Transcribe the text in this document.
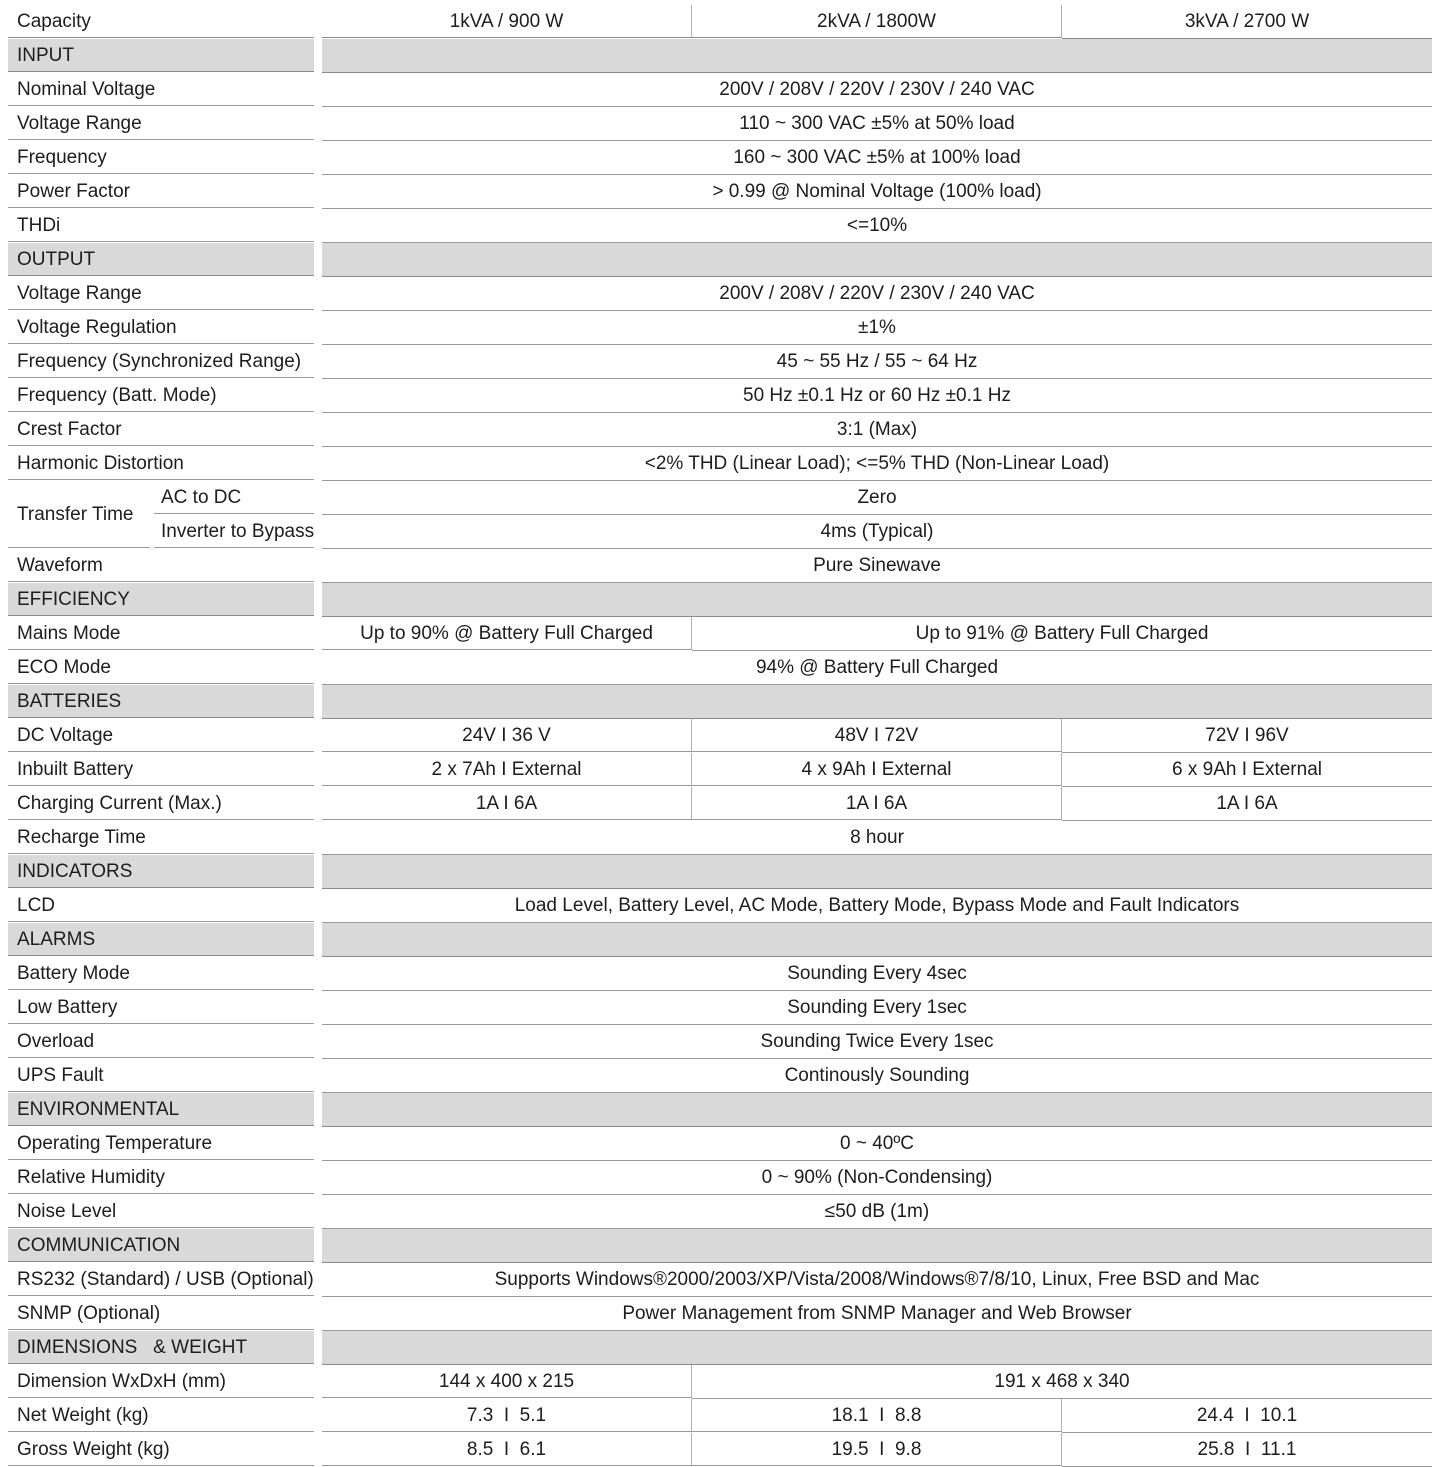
Capacity	1kVA / 900 W	2kVA / 1800W	3kVA / 2700 W
INPUT
Nominal Voltage	200V / 208V / 220V / 230V / 240 VAC
Voltage Range	110 ~ 300 VAC ±5% at 50% load
Frequency	160 ~ 300 VAC ±5% at 100% load
Power Factor	> 0.99 @ Nominal Voltage (100% load)
THDi	<=10%
OUTPUT
Voltage Range	200V / 208V / 220V / 230V / 240 VAC
Voltage Regulation	±1%
Frequency (Synchronized Range)	45 ~ 55 Hz / 55 ~ 64 Hz
Frequency (Batt. Mode)	50 Hz ±0.1 Hz or 60 Hz ±0.1 Hz
Crest Factor	3:1 (Max)
Harmonic Distortion	<2% THD (Linear Load); <=5% THD (Non-Linear Load)
Transfer Time
AC to DC	Zero
Inverter to Bypass	4ms (Typical)
Waveform	Pure Sinewave
EFFICIENCY
Mains Mode	Up to 90% @ Battery Full Charged	Up to 91% @ Battery Full Charged
ECO Mode	94% @ Battery Full Charged
BATTERIES
DC Voltage	24V I 36 V	48V I 72V	72V I 96V
Inbuilt Battery	2 x 7Ah I External	4 x 9Ah I External	6 x 9Ah I External
Charging Current (Max.)	1A I 6A	1A I 6A	1A I 6A
Recharge Time	8 hour
INDICATORS
LCD	Load Level, Battery Level, AC Mode, Battery Mode, Bypass Mode and Fault Indicators
ALARMS
Battery Mode	Sounding Every 4sec
Low Battery	Sounding Every 1sec
Overload	Sounding Twice Every 1sec
UPS Fault	Continously Sounding
ENVIRONMENTAL
Operating Temperature	0 ~ 40ºC
Relative Humidity	0 ~ 90% (Non-Condensing)
Noise Level	≤50 dB (1m)
COMMUNICATION
RS232 (Standard) / USB (Optional)	Supports Windows®2000/2003/XP/Vista/2008/Windows®7/8/10, Linux, Free BSD and Mac
SNMP (Optional)	Power Management from SNMP Manager and Web Browser
DIMENSIONS   & WEIGHT
Dimension WxDxH (mm)	144 x 400 x 215	191 x 468 x 340
Net Weight (kg)	7.3  I  5.1	18.1  I  8.8	24.4  I  10.1
Gross Weight (kg)	8.5  I  6.1	19.5  I  9.8	25.8  I  11.1
